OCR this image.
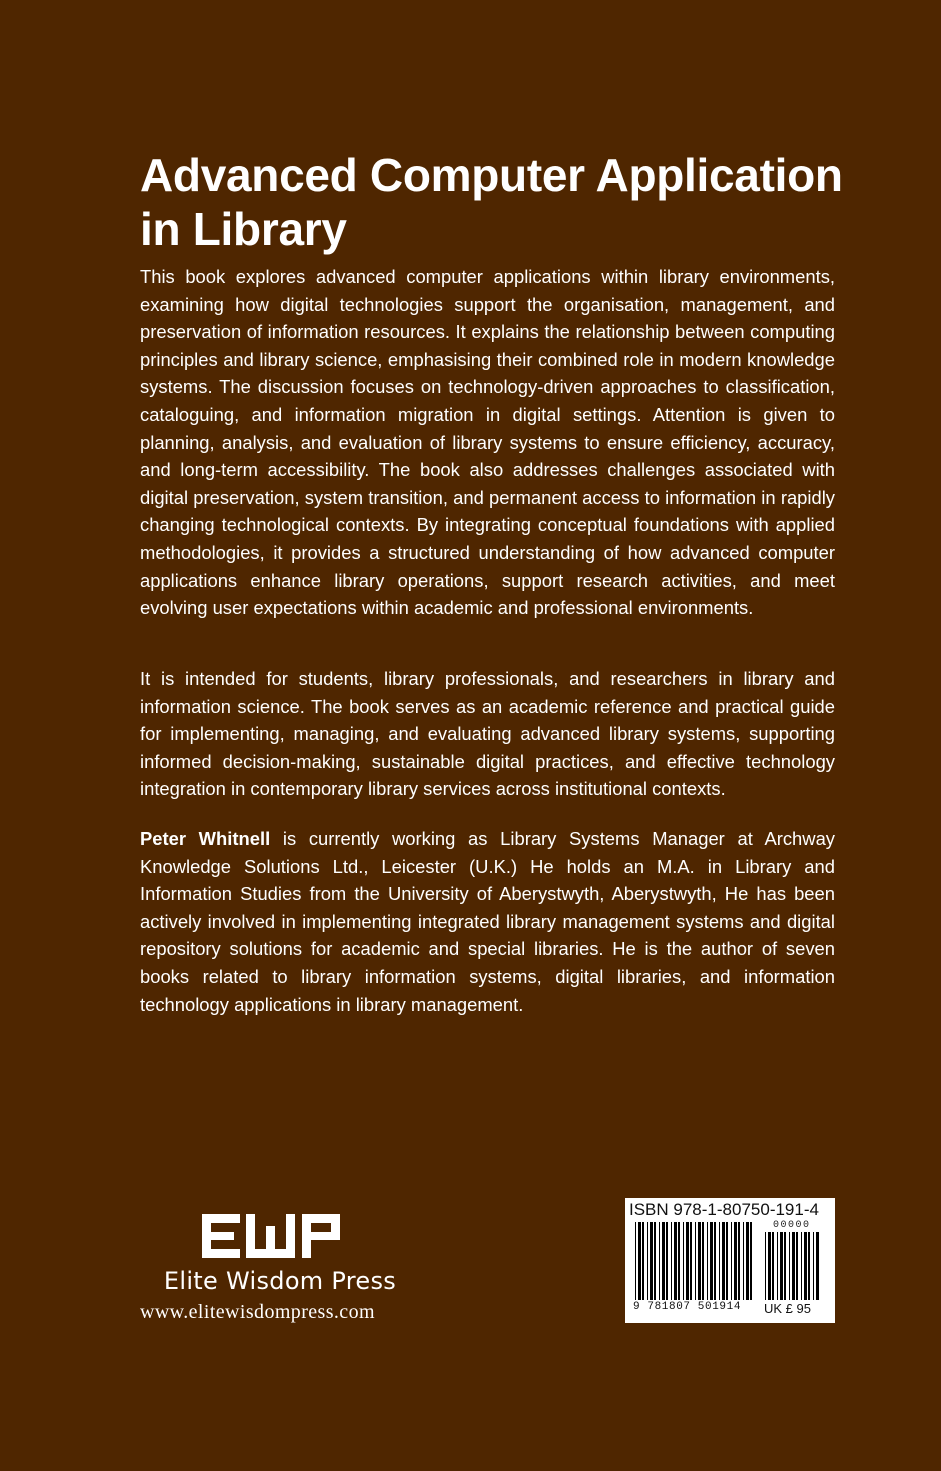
Advanced Computer Application in Library

This book explores advanced computer applications within library environments, examining how digital technologies support the organisation, management, and preservation of information resources. It explains the relationship between computing principles and library science, emphasising their combined role in modern knowledge systems. The discussion focuses on technology-driven approaches to classification, cataloguing, and information migration in digital settings. Attention is given to planning, analysis, and evaluation of library systems to ensure efficiency, accuracy, and long-term accessibility. The book also addresses challenges associated with digital preservation, system transition, and permanent access to information in rapidly changing technological contexts. By integrating conceptual foundations with applied methodologies, it provides a structured understanding of how advanced computer applications enhance library operations, support research activities, and meet evolving user expectations within academic and professional environments.

It is intended for students, library professionals, and researchers in library and information science. The book serves as an academic reference and practical guide for implementing, managing, and evaluating advanced library systems, supporting informed decision-making, sustainable digital practices, and effective technology integration in contemporary library services across institutional contexts.

Peter Whitnell is currently working as Library Systems Manager at Archway Knowledge Solutions Ltd., Leicester (U.K.) He holds an M.A. in Library and Information Studies from the University of Aberystwyth, Aberystwyth, He has been actively involved in implementing integrated library management systems and digital repository solutions for academic and special libraries. He is the author of seven books related to library information systems, digital libraries, and information technology applications in library management.

Elite Wisdom Press
www.elitewisdompress.com
ISBN 978-1-80750-191-4
00000
9 781807 501914 UK £ 95
